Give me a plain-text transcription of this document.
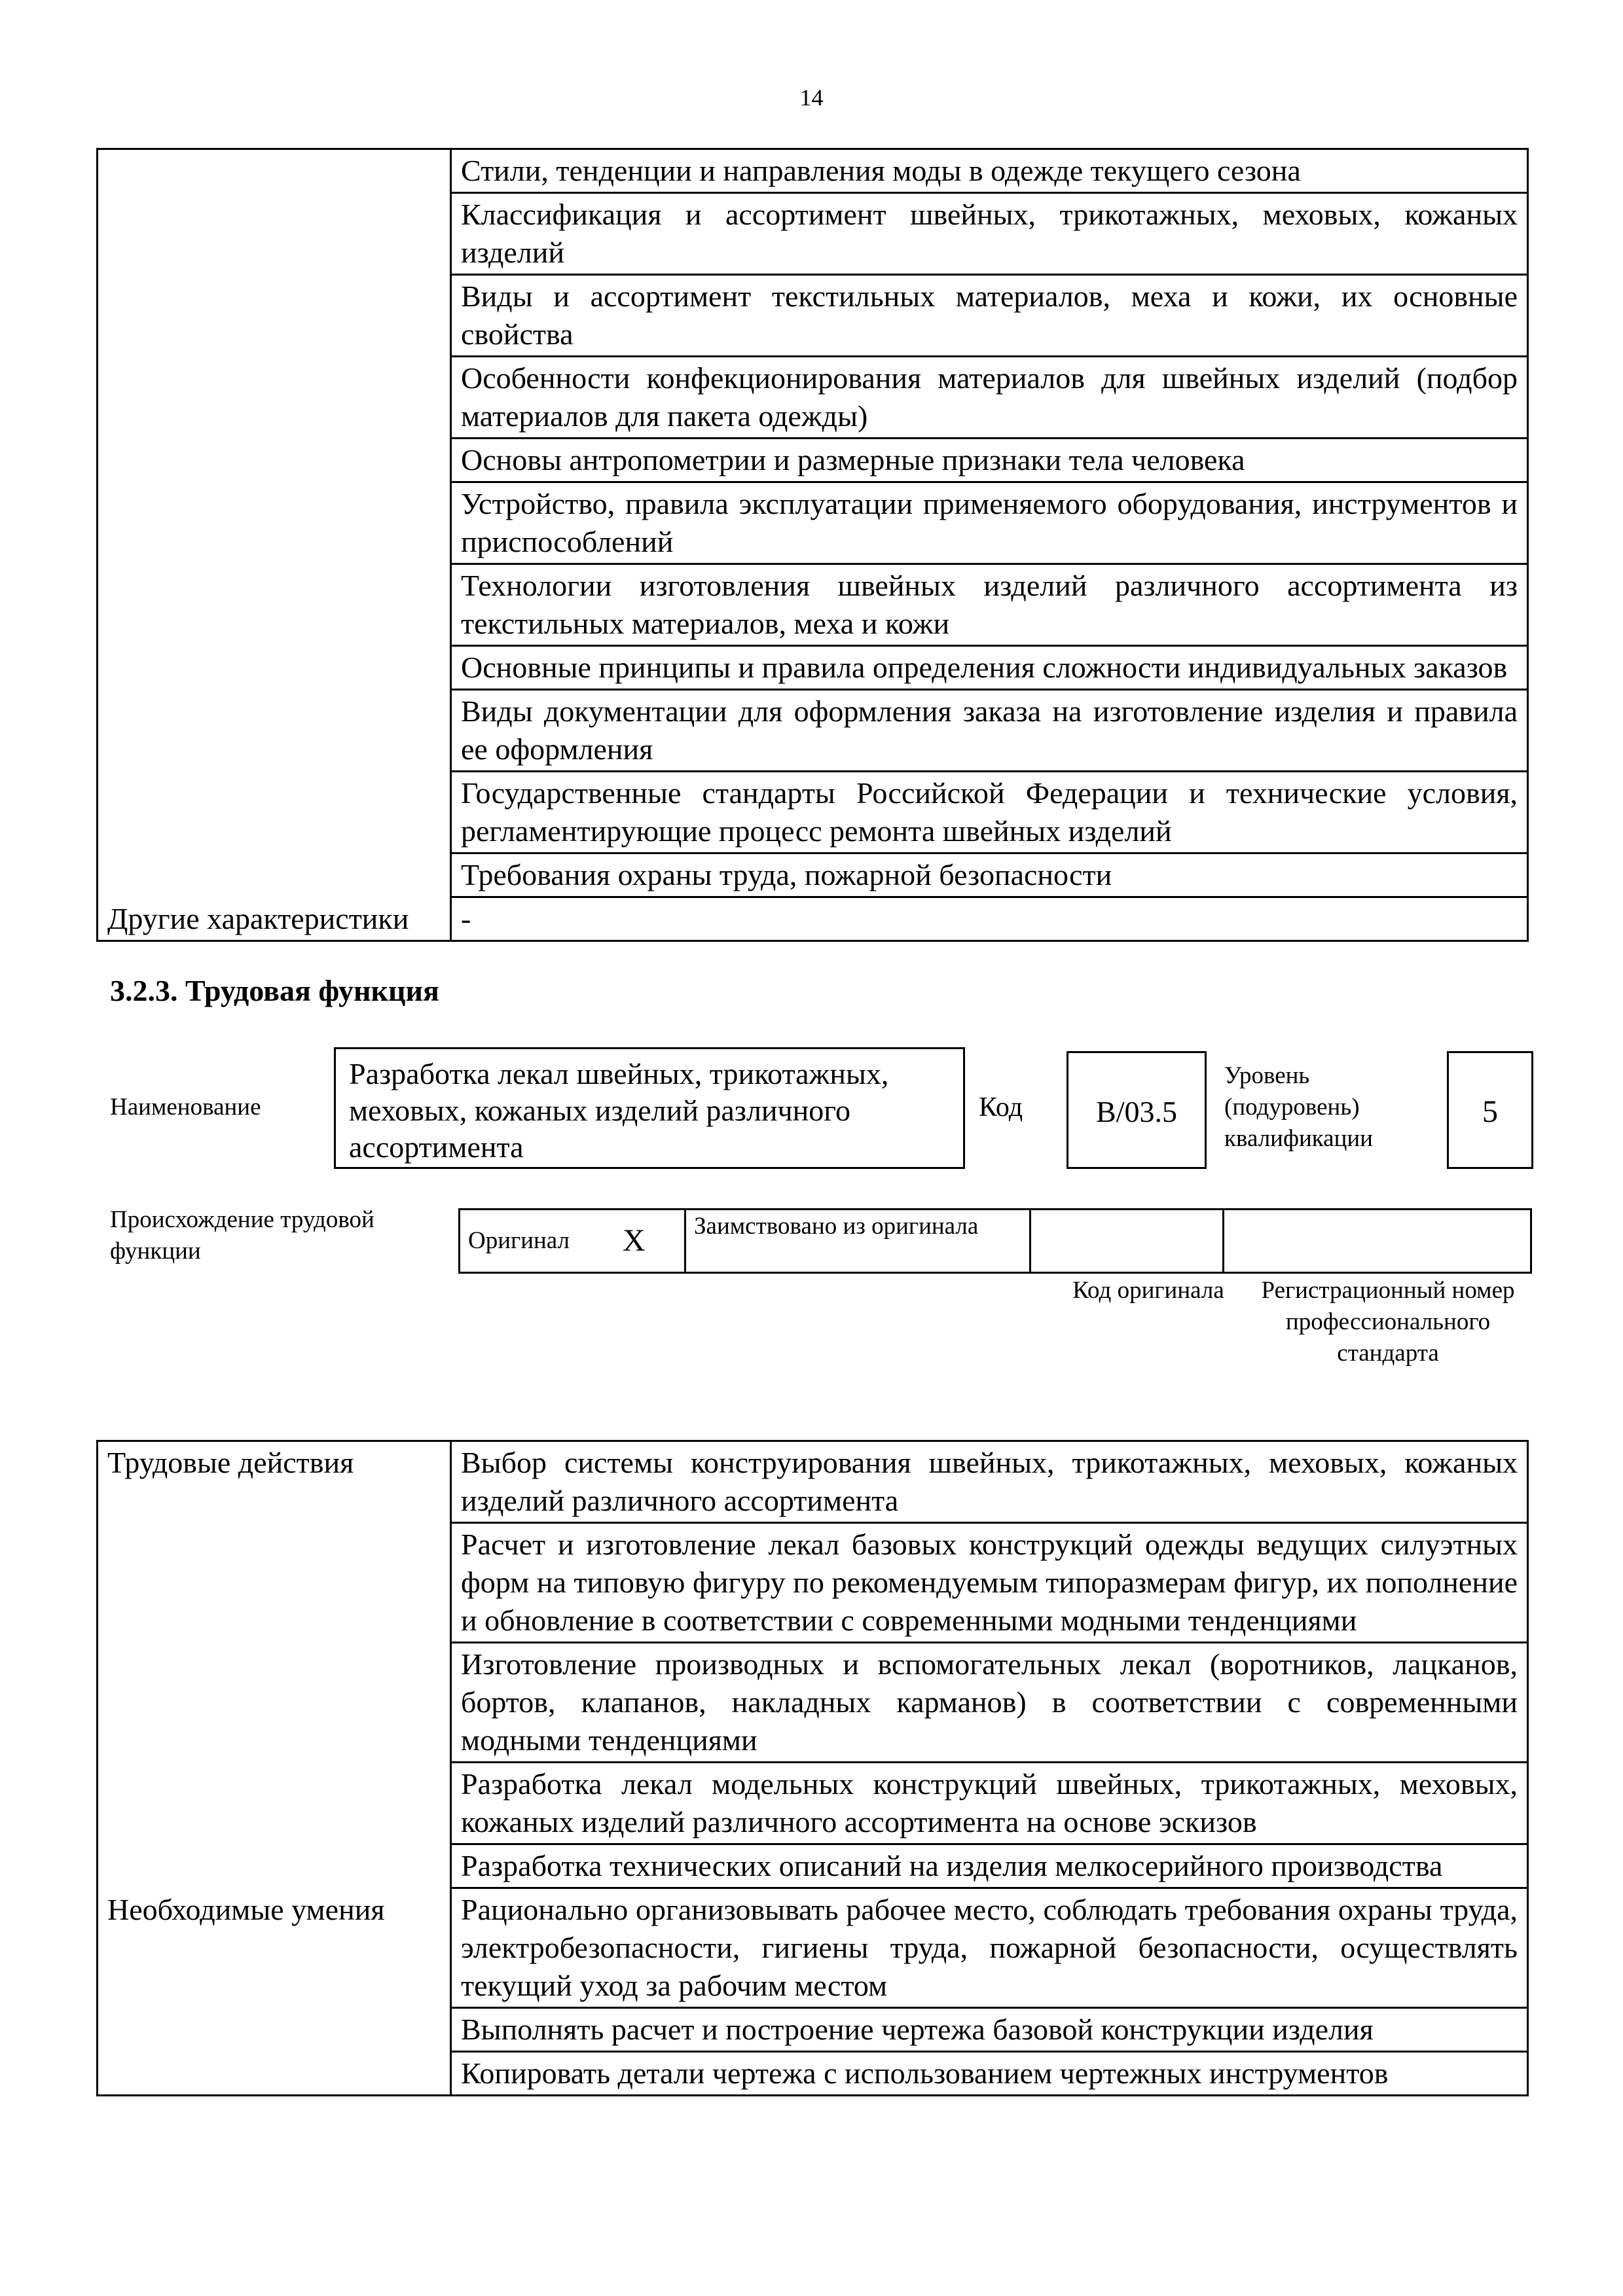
14
	Стили, тенденции и направления моды в одежде текущего сезона
	Классификация и ассортимент швейных, трикотажных, меховых, кожаных изделий
	Виды и ассортимент текстильных материалов, меха и кожи, их основные свойства
	Особенности конфекционирования материалов для швейных изделий (подбор материалов для пакета одежды)
	Основы антропометрии и размерные признаки тела человека
	Устройство, правила эксплуатации применяемого оборудования, инструментов и приспособлений
	Технологии изготовления швейных изделий различного ассортимента из текстильных материалов, меха и кожи
	Основные принципы и правила определения сложности индивидуальных заказов
	Виды документации для оформления заказа на изготовление изделия и правила ее оформления
	Государственные стандарты Российской Федерации и технические условия, регламентирующие процесс ремонта швейных изделий
	Требования охраны труда, пожарной безопасности
Другие характеристики	-
3.2.3. Трудовая функция
Наименование
Разработка лекал швейных, трикотажных, меховых, кожаных изделий различного ассортимента
Код	В/03.5
Уровень (подуровень) квалификации
5
Происхождение трудовой функции	Оригинал	X	Заимствовано из оригинала		
Код оригинала	Регистрационный номер профессионального стандарта
Трудовые действия	Выбор системы конструирования швейных, трикотажных, меховых, кожаных изделий различного ассортимента
	Расчет и изготовление лекал базовых конструкций одежды ведущих силуэтных форм на типовую фигуру по рекомендуемым типоразмерам фигур, их пополнение и обновление в соответствии с современными модными тенденциями
	Изготовление производных и вспомогательных лекал (воротников, лацканов, бортов, клапанов, накладных карманов) в соответствии с современными модными тенденциями
	Разработка лекал модельных конструкций швейных, трикотажных, меховых, кожаных изделий различного ассортимента на основе эскизов
	Разработка технических описаний на изделия мелкосерийного производства
Необходимые умения	Рационально организовывать рабочее место, соблюдать требования охраны труда, электробезопасности, гигиены труда, пожарной безопасности, осуществлять текущий уход за рабочим местом
	Выполнять расчет и построение чертежа базовой конструкции изделия
	Копировать детали чертежа с использованием чертежных инструментов
